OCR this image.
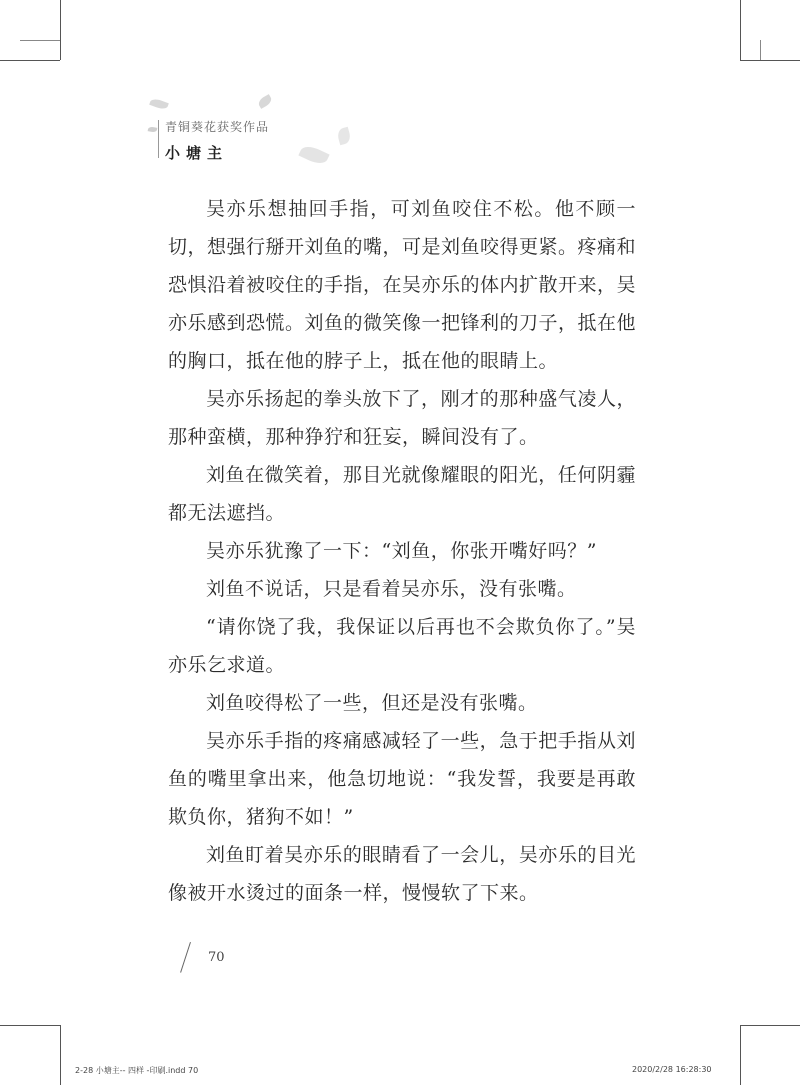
青铜葵花获奖作品
小塘主

吴亦乐想抽回手指，可刘鱼咬住不松。他不顾一切，想强行掰开刘鱼的嘴，可是刘鱼咬得更紧。疼痛和恐惧沿着被咬住的手指，在吴亦乐的体内扩散开来，吴亦乐感到恐慌。刘鱼的微笑像一把锋利的刀子，抵在他的胸口，抵在他的脖子上，抵在他的眼睛上。

吴亦乐扬起的拳头放下了，刚才的那种盛气凌人，那种蛮横，那种狰狞和狂妄，瞬间没有了。

刘鱼在微笑着，那目光就像耀眼的阳光，任何阴霾都无法遮挡。

吴亦乐犹豫了一下：“刘鱼，你张开嘴好吗？”

刘鱼不说话，只是看着吴亦乐，没有张嘴。

“请你饶了我，我保证以后再也不会欺负你了。”吴亦乐乞求道。

刘鱼咬得松了一些，但还是没有张嘴。

吴亦乐手指的疼痛感减轻了一些，急于把手指从刘鱼的嘴里拿出来，他急切地说：“我发誓，我要是再敢欺负你，猪狗不如！”

刘鱼盯着吴亦乐的眼睛看了一会儿，吴亦乐的目光像被开水烫过的面条一样，慢慢软了下来。

70
2-28 小塘主-- 四样 -印刷.indd 70	2020/2/28 16:28:30
